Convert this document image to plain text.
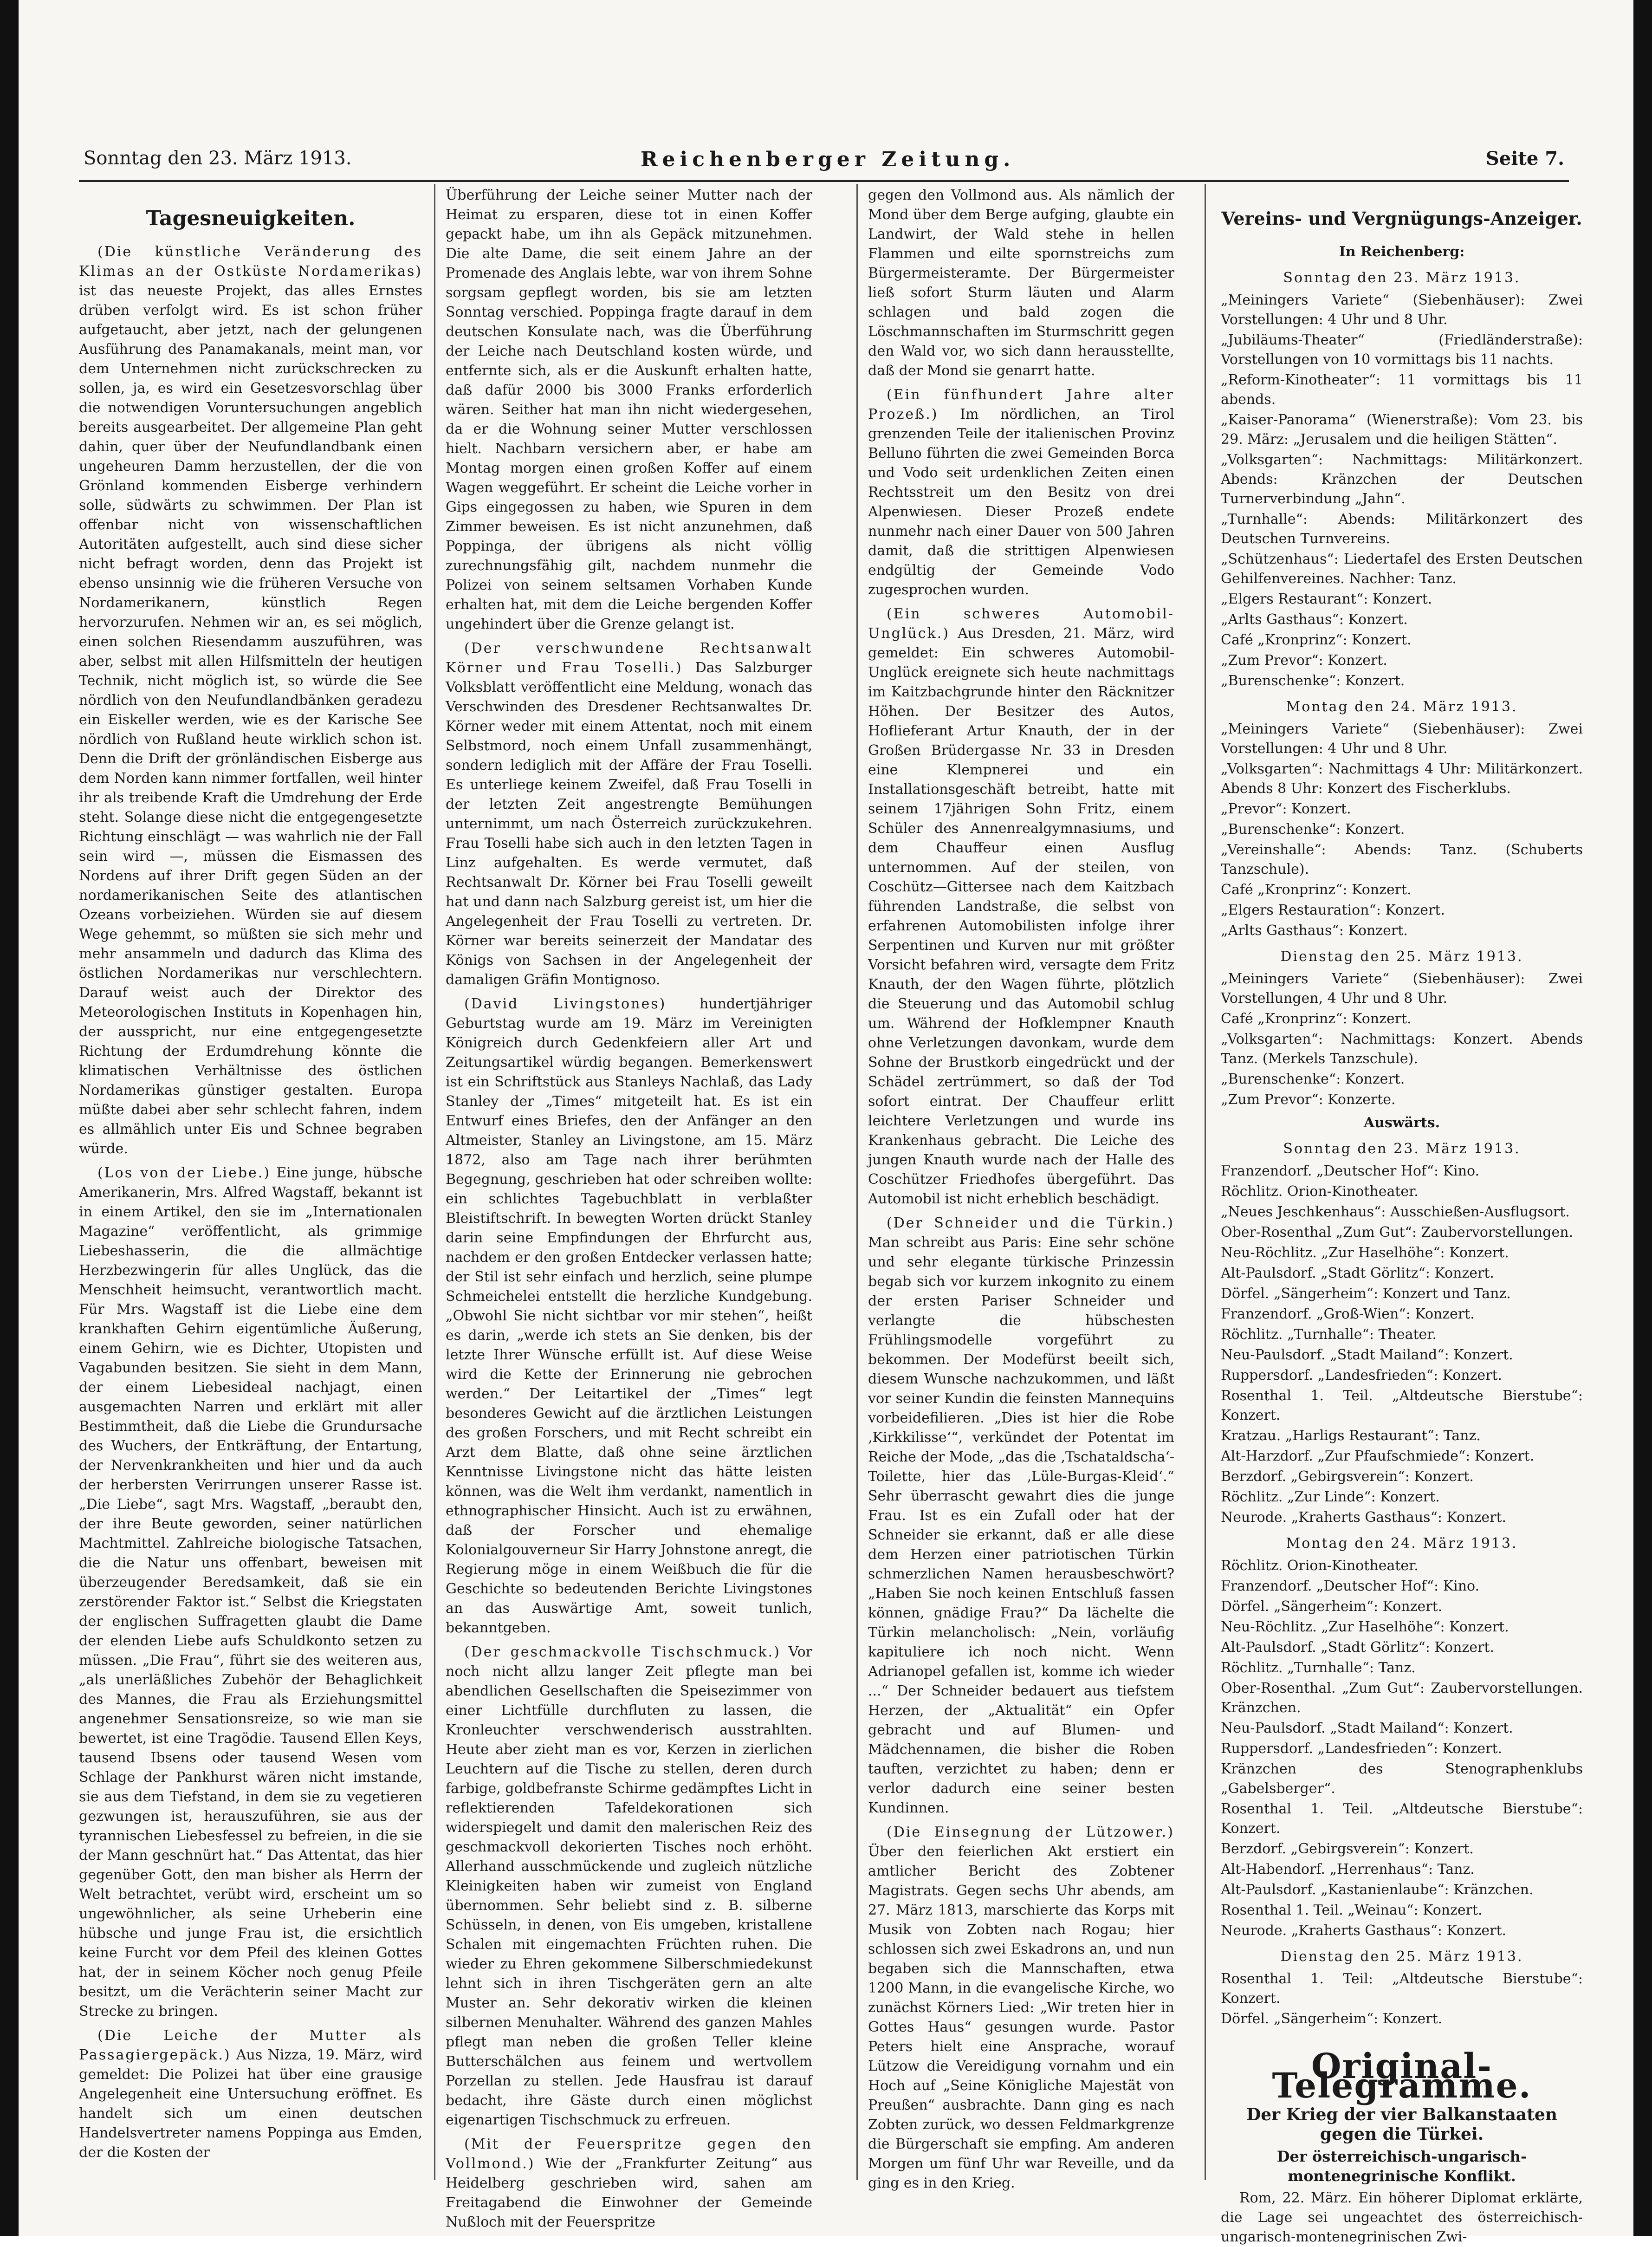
Sonntag den 23. März 1913.	Reichenberger Zeitung.	Seite 7.
Tagesneuigkeiten.

(Die künstliche Veränderung des Klimas an der Ostküste Nordamerikas) ist das neueste Projekt, das alles Ernstes drüben verfolgt wird. Es ist schon früher aufgetaucht, aber jetzt, nach der gelungenen Ausführung des Panamakanals, meint man, vor dem Unternehmen nicht zurückschrecken zu sollen, ja, es wird ein Gesetzesvorschlag über die notwendigen Voruntersuchungen angeblich bereits ausgearbeitet. Der allgemeine Plan geht dahin, quer über der Neufundlandbank einen ungeheuren Damm herzustellen, der die von Grönland kommenden Eisberge verhindern solle, südwärts zu schwimmen. Der Plan ist offenbar nicht von wissenschaftlichen Autoritäten aufgestellt, auch sind diese sicher nicht befragt worden, denn das Projekt ist ebenso unsinnig wie die früheren Versuche von Nordamerikanern, künstlich Regen hervorzurufen. Nehmen wir an, es sei möglich, einen solchen Riesendamm auszuführen, was aber, selbst mit allen Hilfsmitteln der heutigen Technik, nicht möglich ist, so würde die See nördlich von den Neufundlandbänken geradezu ein Eiskeller werden, wie es der Karische See nördlich von Rußland heute wirklich schon ist. Denn die Drift der grönländischen Eisberge aus dem Norden kann nimmer fortfallen, weil hinter ihr als treibende Kraft die Umdrehung der Erde steht. Solange diese nicht die entgegengesetzte Richtung einschlägt — was wahrlich nie der Fall sein wird —, müssen die Eismassen des Nordens auf ihrer Drift gegen Süden an der nordamerikanischen Seite des atlantischen Ozeans vorbeiziehen. Würden sie auf diesem Wege gehemmt, so müßten sie sich mehr und mehr ansammeln und dadurch das Klima des östlichen Nordamerikas nur verschlechtern. Darauf weist auch der Direktor des Meteorologischen Instituts in Kopenhagen hin, der ausspricht, nur eine entgegengesetzte Richtung der Erdumdrehung könnte die klimatischen Verhältnisse des östlichen Nordamerikas günstiger gestalten. Europa müßte dabei aber sehr schlecht fahren, indem es allmählich unter Eis und Schnee begraben würde.

(Los von der Liebe.) Eine junge, hübsche Amerikanerin, Mrs. Alfred Wagstaff, bekannt ist in einem Artikel, den sie im „Internationalen Magazine“ veröffentlicht, als grimmige Liebeshasserin, die die allmächtige Herzbezwingerin für alles Unglück, das die Menschheit heimsucht, verantwortlich macht. Für Mrs. Wagstaff ist die Liebe eine dem krankhaften Gehirn eigentümliche Äußerung, einem Gehirn, wie es Dichter, Utopisten und Vagabunden besitzen. Sie sieht in dem Mann, der einem Liebesideal nachjagt, einen ausgemachten Narren und erklärt mit aller Bestimmtheit, daß die Liebe die Grundursache des Wuchers, der Entkräftung, der Entartung, der Nervenkrankheiten und hier und da auch der herbersten Verirrungen unserer Rasse ist. „Die Liebe“, sagt Mrs. Wagstaff, „beraubt den, der ihre Beute geworden, seiner natürlichen Machtmittel. Zahlreiche biologische Tatsachen, die die Natur uns offenbart, beweisen mit überzeugender Beredsamkeit, daß sie ein zerstörender Faktor ist.“ Selbst die Kriegstaten der englischen Suffragetten glaubt die Dame der elenden Liebe aufs Schuldkonto setzen zu müssen. „Die Frau“, führt sie des weiteren aus, „als unerläßliches Zubehör der Behaglichkeit des Mannes, die Frau als Erziehungsmittel angenehmer Sensationsreize, so wie man sie bewertet, ist eine Tragödie. Tausend Ellen Keys, tausend Ibsens oder tausend Wesen vom Schlage der Pankhurst wären nicht imstande, sie aus dem Tiefstand, in dem sie zu vegetieren gezwungen ist, herauszuführen, sie aus der tyrannischen Liebesfessel zu befreien, in die sie der Mann geschnürt hat.“ Das Attentat, das hier gegenüber Gott, den man bisher als Herrn der Welt betrachtet, verübt wird, erscheint um so ungewöhnlicher, als seine Urheberin eine hübsche und junge Frau ist, die ersichtlich keine Furcht vor dem Pfeil des kleinen Gottes hat, der in seinem Köcher noch genug Pfeile besitzt, um die Verächterin seiner Macht zur Strecke zu bringen.

(Die Leiche der Mutter als Passagiergepäck.) Aus Nizza, 19. März, wird gemeldet: Die Polizei hat über eine grausige Angelegenheit eine Untersuchung eröffnet. Es handelt sich um einen deutschen Handelsvertreter namens Poppinga aus Emden, der die Kosten der

Überführung der Leiche seiner Mutter nach der Heimat zu ersparen, diese tot in einen Koffer gepackt habe, um ihn als Gepäck mitzunehmen. Die alte Dame, die seit einem Jahre an der Promenade des Anglais lebte, war von ihrem Sohne sorgsam gepflegt worden, bis sie am letzten Sonntag verschied. Poppinga fragte darauf in dem deutschen Konsulate nach, was die Überführung der Leiche nach Deutschland kosten würde, und entfernte sich, als er die Auskunft erhalten hatte, daß dafür 2000 bis 3000 Franks erforderlich wären. Seither hat man ihn nicht wiedergesehen, da er die Wohnung seiner Mutter verschlossen hielt. Nachbarn versichern aber, er habe am Montag morgen einen großen Koffer auf einem Wagen weggeführt. Er scheint die Leiche vorher in Gips eingegossen zu haben, wie Spuren in dem Zimmer beweisen. Es ist nicht anzunehmen, daß Poppinga, der übrigens als nicht völlig zurechnungsfähig gilt, nachdem nunmehr die Polizei von seinem seltsamen Vorhaben Kunde erhalten hat, mit dem die Leiche bergenden Koffer ungehindert über die Grenze gelangt ist.

(Der verschwundene Rechtsanwalt Körner und Frau Toselli.) Das Salzburger Volksblatt veröffentlicht eine Meldung, wonach das Verschwinden des Dresdener Rechtsanwaltes Dr. Körner weder mit einem Attentat, noch mit einem Selbstmord, noch einem Unfall zusammenhängt, sondern lediglich mit der Affäre der Frau Toselli. Es unterliege keinem Zweifel, daß Frau Toselli in der letzten Zeit angestrengte Bemühungen unternimmt, um nach Österreich zurückzukehren. Frau Toselli habe sich auch in den letzten Tagen in Linz aufgehalten. Es werde vermutet, daß Rechtsanwalt Dr. Körner bei Frau Toselli geweilt hat und dann nach Salzburg gereist ist, um hier die Angelegenheit der Frau Toselli zu vertreten. Dr. Körner war bereits seinerzeit der Mandatar des Königs von Sachsen in der Angelegenheit der damaligen Gräfin Montignoso.

(David Livingstones) hundertjähriger Geburtstag wurde am 19. März im Vereinigten Königreich durch Gedenkfeiern aller Art und Zeitungsartikel würdig begangen. Bemerkenswert ist ein Schriftstück aus Stanleys Nachlaß, das Lady Stanley der „Times“ mitgeteilt hat. Es ist ein Entwurf eines Briefes, den der Anfänger an den Altmeister, Stanley an Livingstone, am 15. März 1872, also am Tage nach ihrer berühmten Begegnung, geschrieben hat oder schreiben wollte: ein schlichtes Tagebuchblatt in verblaßter Bleistiftschrift. In bewegten Worten drückt Stanley darin seine Empfindungen der Ehrfurcht aus, nachdem er den großen Entdecker verlassen hatte; der Stil ist sehr einfach und herzlich, seine plumpe Schmeichelei entstellt die herzliche Kundgebung. „Obwohl Sie nicht sichtbar vor mir stehen“, heißt es darin, „werde ich stets an Sie denken, bis der letzte Ihrer Wünsche erfüllt ist. Auf diese Weise wird die Kette der Erinnerung nie gebrochen werden.“ Der Leitartikel der „Times“ legt besonderes Gewicht auf die ärztlichen Leistungen des großen Forschers, und mit Recht schreibt ein Arzt dem Blatte, daß ohne seine ärztlichen Kenntnisse Livingstone nicht das hätte leisten können, was die Welt ihm verdankt, namentlich in ethnographischer Hinsicht. Auch ist zu erwähnen, daß der Forscher und ehemalige Kolonialgouverneur Sir Harry Johnstone anregt, die Regierung möge in einem Weißbuch die für die Geschichte so bedeutenden Berichte Livingstones an das Auswärtige Amt, soweit tunlich, bekanntgeben.

(Der geschmackvolle Tischschmuck.) Vor noch nicht allzu langer Zeit pflegte man bei abendlichen Gesellschaften die Speisezimmer von einer Lichtfülle durchfluten zu lassen, die Kronleuchter verschwenderisch ausstrahlten. Heute aber zieht man es vor, Kerzen in zierlichen Leuchtern auf die Tische zu stellen, deren durch farbige, goldbefranste Schirme gedämpftes Licht in reflektierenden Tafeldekorationen sich widerspiegelt und damit den malerischen Reiz des geschmackvoll dekorierten Tisches noch erhöht. Allerhand ausschmückende und zugleich nützliche Kleinigkeiten haben wir zumeist von England übernommen. Sehr beliebt sind z. B. silberne Schüsseln, in denen, von Eis umgeben, kristallene Schalen mit eingemachten Früchten ruhen. Die wieder zu Ehren gekommene Silberschmiedekunst lehnt sich in ihren Tischgeräten gern an alte Muster an. Sehr dekorativ wirken die kleinen silbernen Menuhalter. Während des ganzen Mahles pflegt man neben die großen Teller kleine Butterschälchen aus feinem und wertvollem Porzellan zu stellen. Jede Hausfrau ist darauf bedacht, ihre Gäste durch einen möglichst eigenartigen Tischschmuck zu erfreuen.

(Mit der Feuerspritze gegen den Vollmond.) Wie der „Frankfurter Zeitung“ aus Heidelberg geschrieben wird, sahen am Freitagabend die Einwohner der Gemeinde Nußloch mit der Feuerspritze

gegen den Vollmond aus. Als nämlich der Mond über dem Berge aufging, glaubte ein Landwirt, der Wald stehe in hellen Flammen und eilte spornstreichs zum Bürgermeisteramte. Der Bürgermeister ließ sofort Sturm läuten und Alarm schlagen und bald zogen die Löschmannschaften im Sturmschritt gegen den Wald vor, wo sich dann herausstellte, daß der Mond sie genarrt hatte.

(Ein fünfhundert Jahre alter Prozeß.) Im nördlichen, an Tirol grenzenden Teile der italienischen Provinz Belluno führten die zwei Gemeinden Borca und Vodo seit urdenklichen Zeiten einen Rechtsstreit um den Besitz von drei Alpenwiesen. Dieser Prozeß endete nunmehr nach einer Dauer von 500 Jahren damit, daß die strittigen Alpenwiesen endgültig der Gemeinde Vodo zugesprochen wurden.

(Ein schweres Automobil-Unglück.) Aus Dresden, 21. März, wird gemeldet: Ein schweres Automobil-Unglück ereignete sich heute nachmittags im Kaitzbachgrunde hinter den Räcknitzer Höhen. Der Besitzer des Autos, Hoflieferant Artur Knauth, der in der Großen Brüdergasse Nr. 33 in Dresden eine Klempnerei und ein Installationsgeschäft betreibt, hatte mit seinem 17jährigen Sohn Fritz, einem Schüler des Annenrealgymnasiums, und dem Chauffeur einen Ausflug unternommen. Auf der steilen, von Coschütz—Gittersee nach dem Kaitzbach führenden Landstraße, die selbst von erfahrenen Automobilisten infolge ihrer Serpentinen und Kurven nur mit größter Vorsicht befahren wird, versagte dem Fritz Knauth, der den Wagen führte, plötzlich die Steuerung und das Automobil schlug um. Während der Hofklempner Knauth ohne Verletzungen davonkam, wurde dem Sohne der Brustkorb eingedrückt und der Schädel zertrümmert, so daß der Tod sofort eintrat. Der Chauffeur erlitt leichtere Verletzungen und wurde ins Krankenhaus gebracht. Die Leiche des jungen Knauth wurde nach der Halle des Coschützer Friedhofes übergeführt. Das Automobil ist nicht erheblich beschädigt.

(Der Schneider und die Türkin.) Man schreibt aus Paris: Eine sehr schöne und sehr elegante türkische Prinzessin begab sich vor kurzem inkognito zu einem der ersten Pariser Schneider und verlangte die hübschesten Frühlingsmodelle vorgeführt zu bekommen. Der Modefürst beeilt sich, diesem Wunsche nachzukommen, und läßt vor seiner Kundin die feinsten Mannequins vorbeidefilieren. „Dies ist hier die Robe ‚Kirkkilisse‘“, verkündet der Potentat im Reiche der Mode, „das die ‚Tschataldscha‘-Toilette, hier das ‚Lüle-Burgas-Kleid‘.“ Sehr überrascht gewahrt dies die junge Frau. Ist es ein Zufall oder hat der Schneider sie erkannt, daß er alle diese dem Herzen einer patriotischen Türkin schmerzlichen Namen herausbeschwört? „Haben Sie noch keinen Entschluß fassen können, gnädige Frau?“ Da lächelte die Türkin melancholisch: „Nein, vorläufig kapituliere ich noch nicht. Wenn Adrianopel gefallen ist, komme ich wieder ...“ Der Schneider bedauert aus tiefstem Herzen, der „Aktualität“ ein Opfer gebracht und auf Blumen- und Mädchennamen, die bisher die Roben tauften, verzichtet zu haben; denn er verlor dadurch eine seiner besten Kundinnen.

(Die Einsegnung der Lützower.) Über den feierlichen Akt erstiert ein amtlicher Bericht des Zobtener Magistrats. Gegen sechs Uhr abends, am 27. März 1813, marschierte das Korps mit Musik von Zobten nach Rogau; hier schlossen sich zwei Eskadrons an, und nun begaben sich die Mannschaften, etwa 1200 Mann, in die evangelische Kirche, wo zunächst Körners Lied: „Wir treten hier in Gottes Haus“ gesungen wurde. Pastor Peters hielt eine Ansprache, worauf Lützow die Vereidigung vornahm und ein Hoch auf „Seine Königliche Majestät von Preußen“ ausbrachte. Dann ging es nach Zobten zurück, wo dessen Feldmarkgrenze die Bürgerschaft sie empfing. Am anderen Morgen um fünf Uhr war Reveille, und da ging es in den Krieg.

Vereins- und Vergnügungs-Anzeiger.
In Reichenberg:
Sonntag den 23. März 1913.

„Meiningers Variete“ (Siebenhäuser): Zwei Vorstellungen: 4 Uhr und 8 Uhr.

„Jubiläums-Theater“ (Friedländerstraße): Vorstellungen von 10 vormittags bis 11 nachts.

„Reform-Kinotheater“: 11 vormittags bis 11 abends.

„Kaiser-Panorama“ (Wienerstraße): Vom 23. bis 29. März: „Jerusalem und die heiligen Stätten“.

„Volksgarten“: Nachmittags: Militärkonzert. Abends: Kränzchen der Deutschen Turnerverbindung „Jahn“.

„Turnhalle“: Abends: Militärkonzert des Deutschen Turnvereins.

„Schützenhaus“: Liedertafel des Ersten Deutschen Gehilfenvereines. Nachher: Tanz.

„Elgers Restaurant“: Konzert.

„Arlts Gasthaus“: Konzert.

Café „Kronprinz“: Konzert.

„Zum Prevor“: Konzert.

„Burenschenke“: Konzert.

Montag den 24. März 1913.

„Meiningers Variete“ (Siebenhäuser): Zwei Vorstellungen: 4 Uhr und 8 Uhr.

„Volksgarten“: Nachmittags 4 Uhr: Militärkonzert. Abends 8 Uhr: Konzert des Fischerklubs.

„Prevor“: Konzert.

„Burenschenke“: Konzert.

„Vereinshalle“: Abends: Tanz. (Schuberts Tanzschule).

Café „Kronprinz“: Konzert.

„Elgers Restauration“: Konzert.

„Arlts Gasthaus“: Konzert.

Dienstag den 25. März 1913.

„Meiningers Variete“ (Siebenhäuser): Zwei Vorstellungen, 4 Uhr und 8 Uhr.

Café „Kronprinz“: Konzert.

„Volksgarten“: Nachmittags: Konzert. Abends Tanz. (Merkels Tanzschule).

„Burenschenke“: Konzert.

„Zum Prevor“: Konzerte.

Auswärts.
Sonntag den 23. März 1913.

Franzendorf. „Deutscher Hof“: Kino.

Röchlitz. Orion-Kinotheater.

„Neues Jeschkenhaus“: Ausschießen-Ausflugsort.

Ober-Rosenthal „Zum Gut“: Zaubervorstellungen.

Neu-Röchlitz. „Zur Haselhöhe“: Konzert.

Alt-Paulsdorf. „Stadt Görlitz“: Konzert.

Dörfel. „Sängerheim“: Konzert und Tanz.

Franzendorf. „Groß-Wien“: Konzert.

Röchlitz. „Turnhalle“: Theater.

Neu-Paulsdorf. „Stadt Mailand“: Konzert.

Ruppersdorf. „Landesfrieden“: Konzert.

Rosenthal 1. Teil. „Altdeutsche Bierstube“: Konzert.

Kratzau. „Harligs Restaurant“: Tanz.

Alt-Harzdorf. „Zur Pfaufschmiede“: Konzert.

Berzdorf. „Gebirgsverein“: Konzert.

Röchlitz. „Zur Linde“: Konzert.

Neurode. „Kraherts Gasthaus“: Konzert.

Montag den 24. März 1913.

Röchlitz. Orion-Kinotheater.

Franzendorf. „Deutscher Hof“: Kino.

Dörfel. „Sängerheim“: Konzert.

Neu-Röchlitz. „Zur Haselhöhe“: Konzert.

Alt-Paulsdorf. „Stadt Görlitz“: Konzert.

Röchlitz. „Turnhalle“: Tanz.

Ober-Rosenthal. „Zum Gut“: Zaubervorstellungen. Kränzchen.

Neu-Paulsdorf. „Stadt Mailand“: Konzert.

Ruppersdorf. „Landesfrieden“: Konzert.

Kränzchen des Stenographenklubs „Gabelsberger“.

Rosenthal 1. Teil. „Altdeutsche Bierstube“: Konzert.

Berzdorf. „Gebirgsverein“: Konzert.

Alt-Habendorf. „Herrenhaus“: Tanz.

Alt-Paulsdorf. „Kastanienlaube“: Kränzchen.

Rosenthal 1. Teil. „Weinau“: Konzert.

Neurode. „Kraherts Gasthaus“: Konzert.

Dienstag den 25. März 1913.

Rosenthal 1. Teil: „Altdeutsche Bierstube“: Konzert.

Dörfel. „Sängerheim“: Konzert.

Original-Telegramme.
Der Krieg der vier Balkanstaaten gegen die Türkei.
Der österreichisch-ungarisch-montenegrinische Konflikt.

Rom, 22. März. Ein höherer Diplomat erklärte, die Lage sei ungeachtet des österreichisch-ungarisch-montenegrinischen Zwi-
